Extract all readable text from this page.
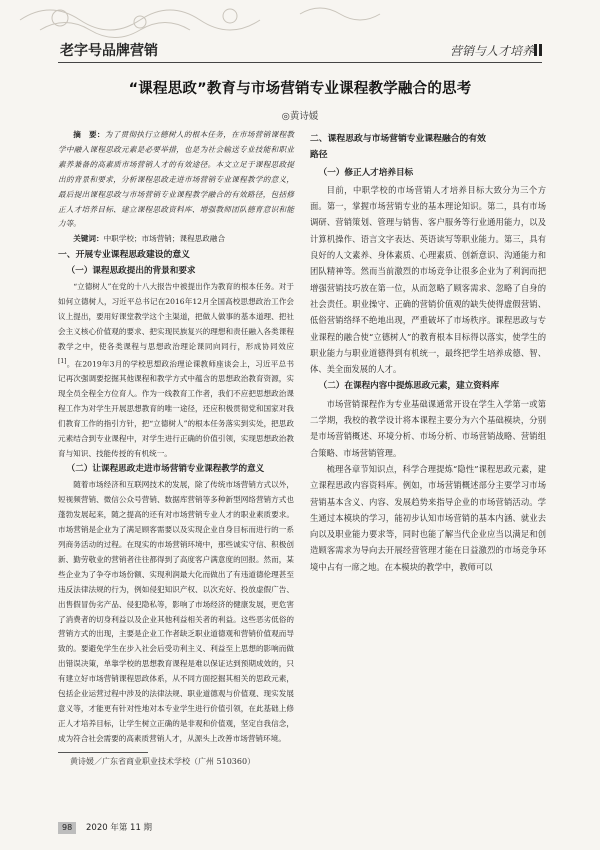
老字号品牌营销	营销与人才培养
“课程思政”教育与市场营销专业课程教学融合的思考
◎黄诗媛

摘　要：为了贯彻执行立德树人的根本任务，在市场营销课程教学中融入课程思政元素是必要举措，也是为社会输送专业技能和职业素养兼备的高素质市场营销人才的有效途径。本文立足于课程思政提出的背景和要求，分析课程思政走进市场营销专业课程教学的意义，最后提出课程思政与市场营销专业课程教学融合的有效路径，包括修正人才培养目标、建立课程思政资料库、增强教师团队德育意识和能力等。

关键词：中职学校；市场营销；课程思政融合

一、开展专业课程思政建设的意义
（一）课程思政提出的背景和要求

“立德树人”在党的十八大报告中被提出作为教育的根本任务。对于如何立德树人，习近平总书记在2016年12月全国高校思想政治工作会议上提出，要用好课堂教学这个主渠道，把做人做事的基本道理、把社会主义核心价值观的要求、把实现民族复兴的理想和责任融入各类课程教学之中，使各类课程与思想政治理论课同向同行，形成协同效应[1]。在2019年3月的学校思想政治理论课教师座谈会上，习近平总书记再次强调要挖掘其他课程和教学方式中蕴含的思想政治教育资源，实现全员全程全方位育人。作为一线教育工作者，我们不应把思想政治课程工作为对学生开展思想教育的唯一途径，还应积极贯彻党和国家对我们教育工作的指引方针，把“立德树人”的根本任务落实到实处，把思政元素结合到专业课程中，对学生进行正确的价值引领，实现思想政治教育与知识、技能传授的有机统一。

（二）让课程思政走进市场营销专业课程教学的意义

随着市场经济和互联网技术的发展，除了传统市场营销方式以外，短视频营销、微信公众号营销、数据库营销等多种新型网络营销方式也蓬勃发展起来，随之提高的还有对市场营销专业人才的职业素质要求。市场营销是企业为了满足顾客需要以及实现企业自身目标而进行的一系列商务活动的过程。在现实的市场营销环境中，那些诚实守信、积极创新、勤劳敬业的营销者往往都得到了高度客户满意度的回报。然而，某些企业为了争夺市场份额、实现利润最大化而做出了有违道德伦理甚至违反法律法规的行为，例如侵犯知识产权、以次充好、投放虚假广告、出售假冒伪劣产品、侵犯隐私等，影响了市场经济的健康发展，更危害了消费者的切身利益以及企业其他利益相关者的利益。这些恶劣低俗的营销方式的出现，主要是企业工作者缺乏职业道德观和营销价值观而导致的。要避免学生在步入社会后受功利主义、利益至上思想的影响而做出错误决策，单靠学校的思想教育课程是难以保证达到预期成效的，只有建立好市场营销课程思政体系，从不同方面挖掘其相关的思政元素，包括企业运营过程中涉及的法律法规、职业道德观与价值观、现实发展意义等，才能更有针对性地对本专业学生进行价值引领，在此基础上修正人才培养目标，让学生树立正确的是非观和价值观，坚定自我信念，成为符合社会需要的高素质营销人才，从源头上改善市场营销环境。

二、课程思政与市场营销专业课程融合的有效
路径
（一）修正人才培养目标

目前，中职学校的市场营销人才培养目标大致分为三个方面。第一，掌握市场营销专业的基本理论知识。第二，具有市场调研、营销策划、管理与销售、客户服务等行业通用能力，以及计算机操作、语言文字表达、英语读写等职业能力。第三，具有良好的人文素养、身体素质、心理素质、创新意识、沟通能力和团队精神等。然而当前激烈的市场竞争让很多企业为了利润而把增强营销技巧放在第一位，从而忽略了顾客需求、忽略了自身的社会责任。职业操守、正确的营销价值观的缺失使得虚假营销、低俗营销络绎不绝地出现，严重破坏了市场秩序。课程思政与专业课程的融合使“立德树人”的教育根本目标得以落实，使学生的职业能力与职业道德得到有机统一，最终把学生培养成德、智、体、美全面发展的人才。

（二）在课程内容中提炼思政元素，建立资料库

市场营销课程作为专业基础课通常开设在学生入学第一或第二学期，我校的教学设计将本课程主要分为六个基础模块，分别是市场营销概述、环境分析、市场分析、市场营销战略、营销组合策略、市场营销管理。

梳理各章节知识点，科学合理提炼“隐性”课程思政元素，建立课程思政内容资料库。例如，市场营销概述部分主要学习市场营销基本含义、内容、发展趋势来指导企业的市场营销活动。学生通过本模块的学习，能初步认知市场营销的基本内涵、就业去向以及职业能力要求等，同时也能了解当代企业应当以满足和创造顾客需求为导向去开展经营管理才能在日益激烈的市场竞争环境中占有一席之地。在本模块的教学中，教师可以

黄诗媛／广东省商业职业技术学校（广州 510360）
98	2020 年第 11 期
